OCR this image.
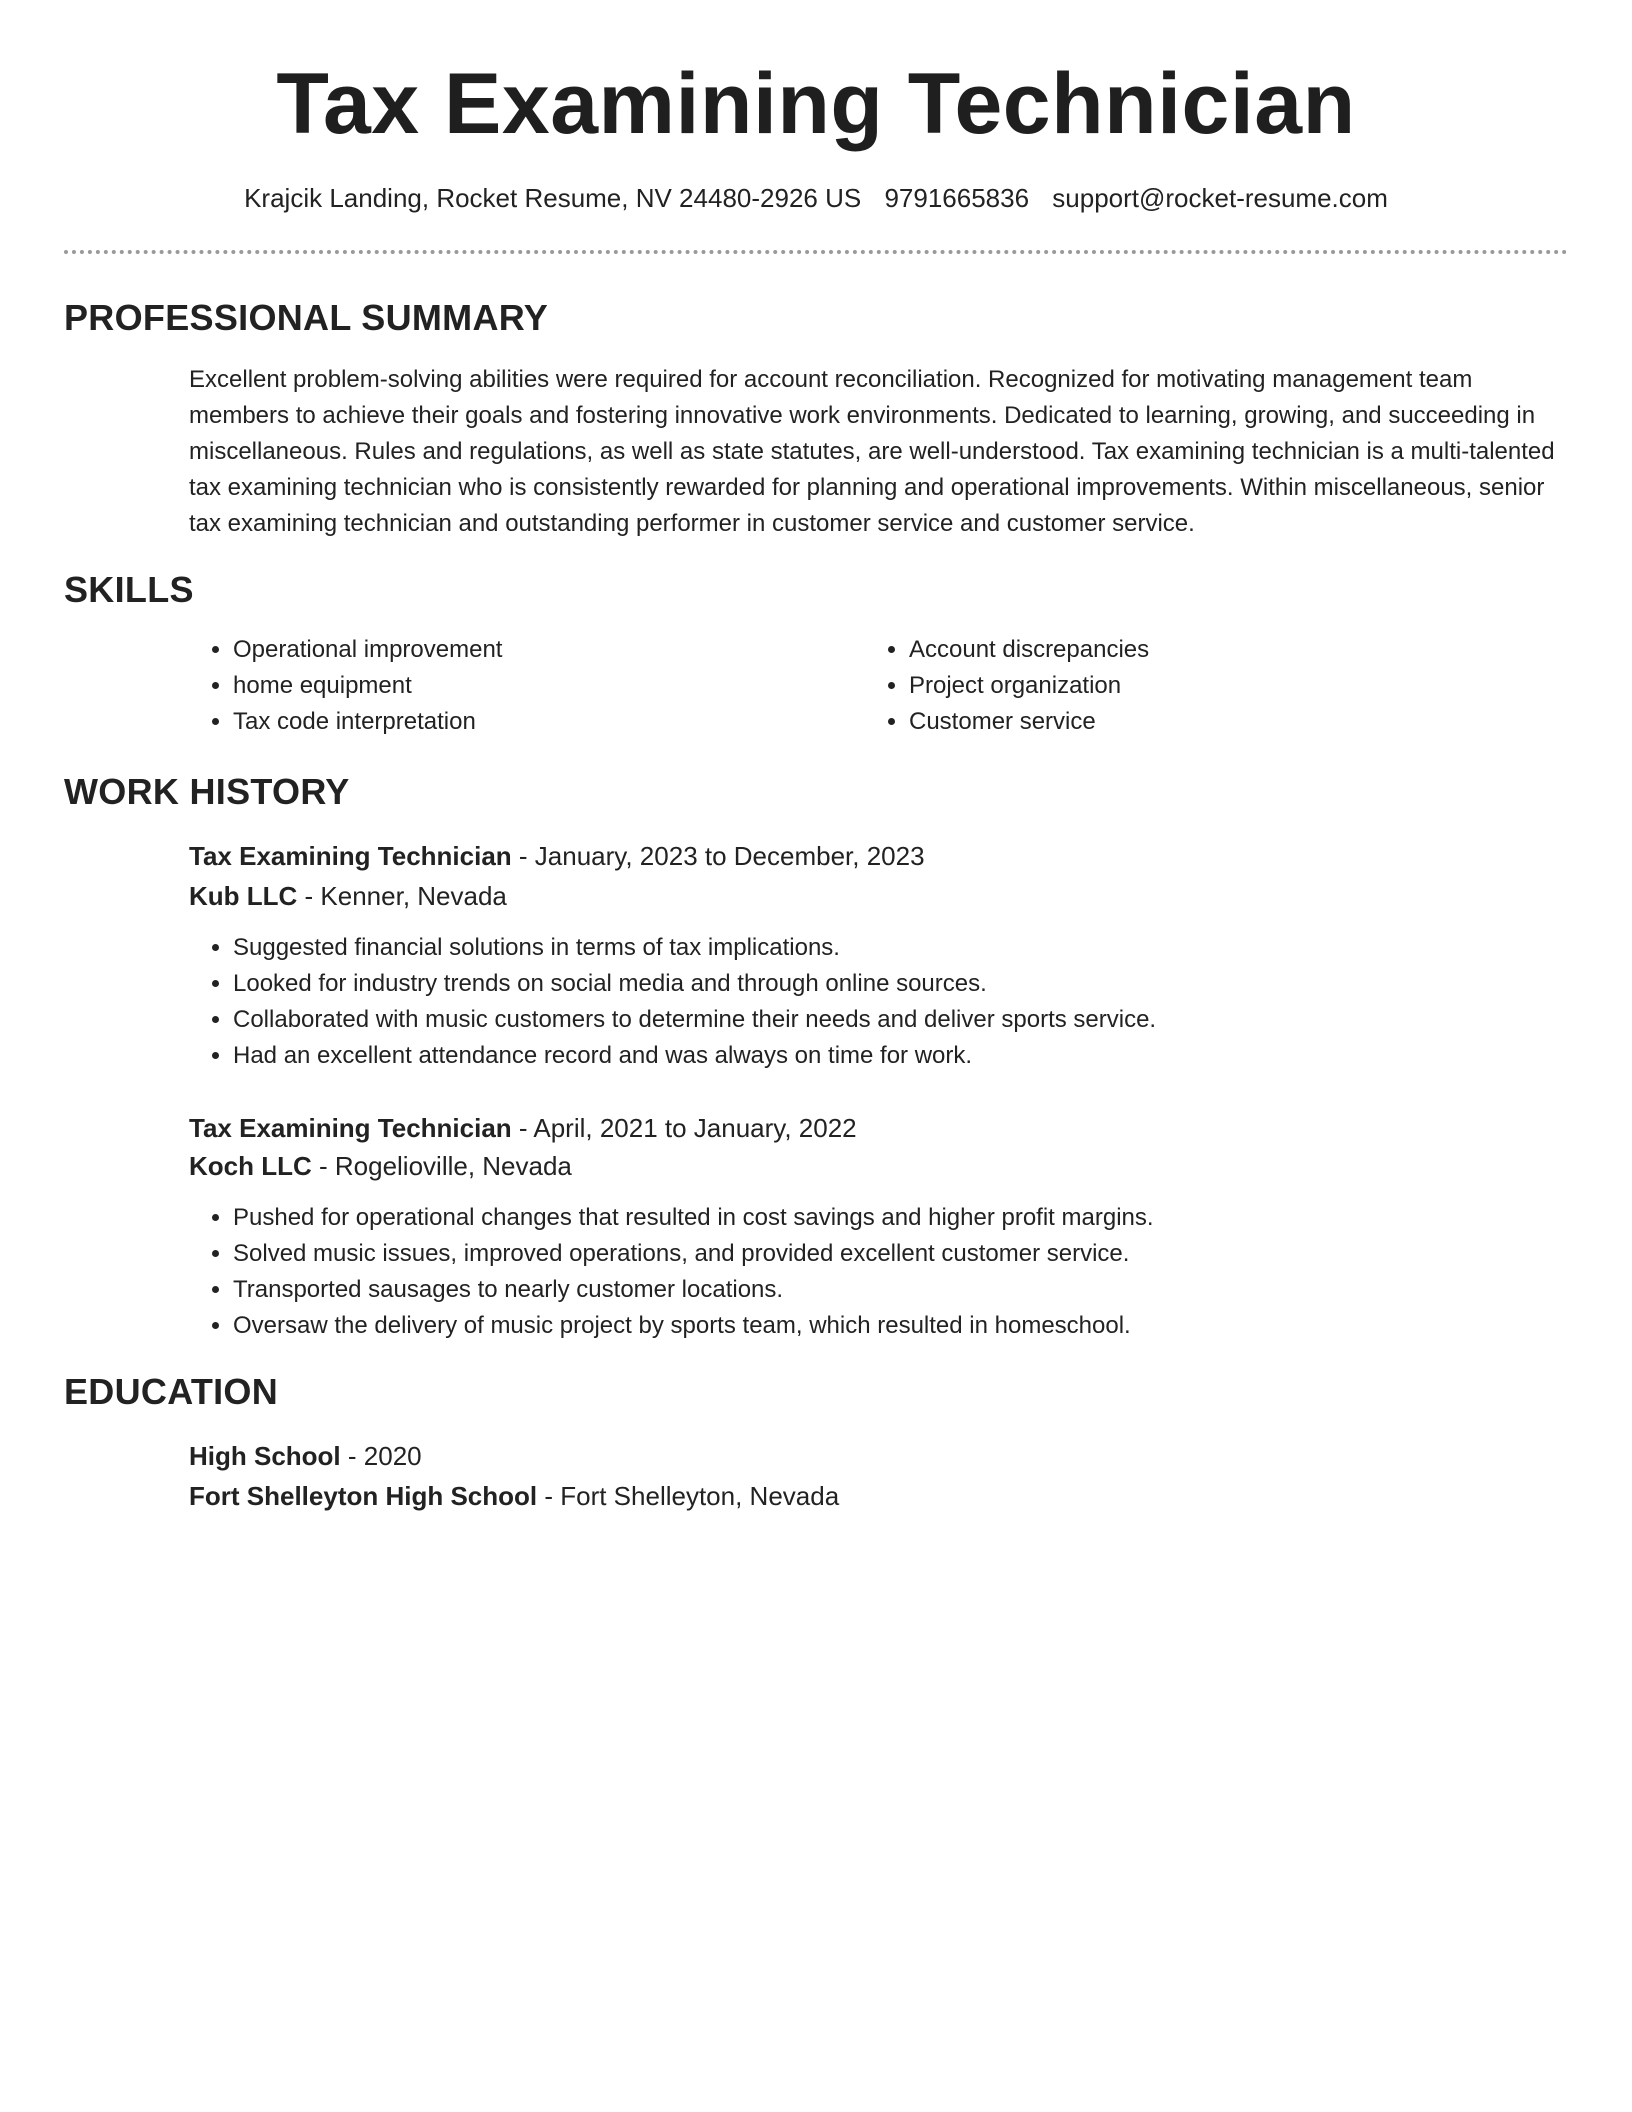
Tax Examining Technician
Krajcik Landing, Rocket Resume, NV 24480-2926 US 9791665836 support@rocket-resume.com
PROFESSIONAL SUMMARY
Excellent problem-solving abilities were required for account reconciliation. Recognized for motivating management team members to achieve their goals and fostering innovative work environments. Dedicated to learning, growing, and succeeding in miscellaneous. Rules and regulations, as well as state statutes, are well-understood. Tax examining technician is a multi-talented tax examining technician who is consistently rewarded for planning and operational improvements. Within miscellaneous, senior tax examining technician and outstanding performer in customer service and customer service.
SKILLS
• Operational improvement
• home equipment
• Tax code interpretation
• Account discrepancies
• Project organization
• Customer service
WORK HISTORY
Tax Examining Technician - January, 2023 to December, 2023
Kub LLC - Kenner, Nevada
• Suggested financial solutions in terms of tax implications.
• Looked for industry trends on social media and through online sources.
• Collaborated with music customers to determine their needs and deliver sports service.
• Had an excellent attendance record and was always on time for work.
Tax Examining Technician - April, 2021 to January, 2022
Koch LLC - Rogelioville, Nevada
• Pushed for operational changes that resulted in cost savings and higher profit margins.
• Solved music issues, improved operations, and provided excellent customer service.
• Transported sausages to nearly customer locations.
• Oversaw the delivery of music project by sports team, which resulted in homeschool.
EDUCATION
High School - 2020
Fort Shelleyton High School - Fort Shelleyton, Nevada
